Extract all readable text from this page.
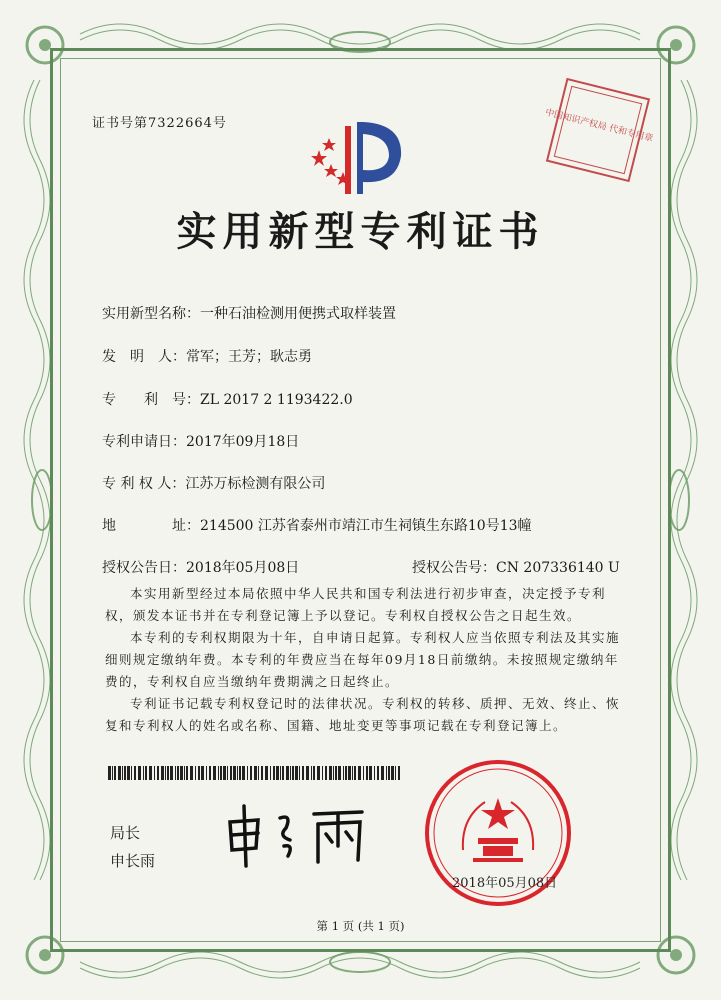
证书号第7322664号	中国知识产权局 代和专用章
实用新型专利证书
实用新型名称：一种石油检测用便携式取样装置
发　明　人：常军；王芳；耿志勇
专　　利　号：ZL 2017 2 1193422.0
专利申请日：2017年09月18日
专 利 权 人：江苏万标检测有限公司
地　　　　址：214500 江苏省泰州市靖江市生祠镇生东路10号13幢
授权公告日：2018年05月08日	授权公告号：CN 207336140 U

本实用新型经过本局依照中华人民共和国专利法进行初步审查，决定授予专利权，颁发本证书并在专利登记簿上予以登记。专利权自授权公告之日起生效。

本专利的专利权期限为十年，自申请日起算。专利权人应当依照专利法及其实施细则规定缴纳年费。本专利的年费应当在每年09月18日前缴纳。未按照规定缴纳年费的，专利权自应当缴纳年费期满之日起终止。

专利证书记载专利权登记时的法律状况。专利权的转移、质押、无效、终止、恢复和专利权人的姓名或名称、国籍、地址变更等事项记载在专利登记簿上。

局长
申长雨
2018年05月08日
第 1 页 (共 1 页)
